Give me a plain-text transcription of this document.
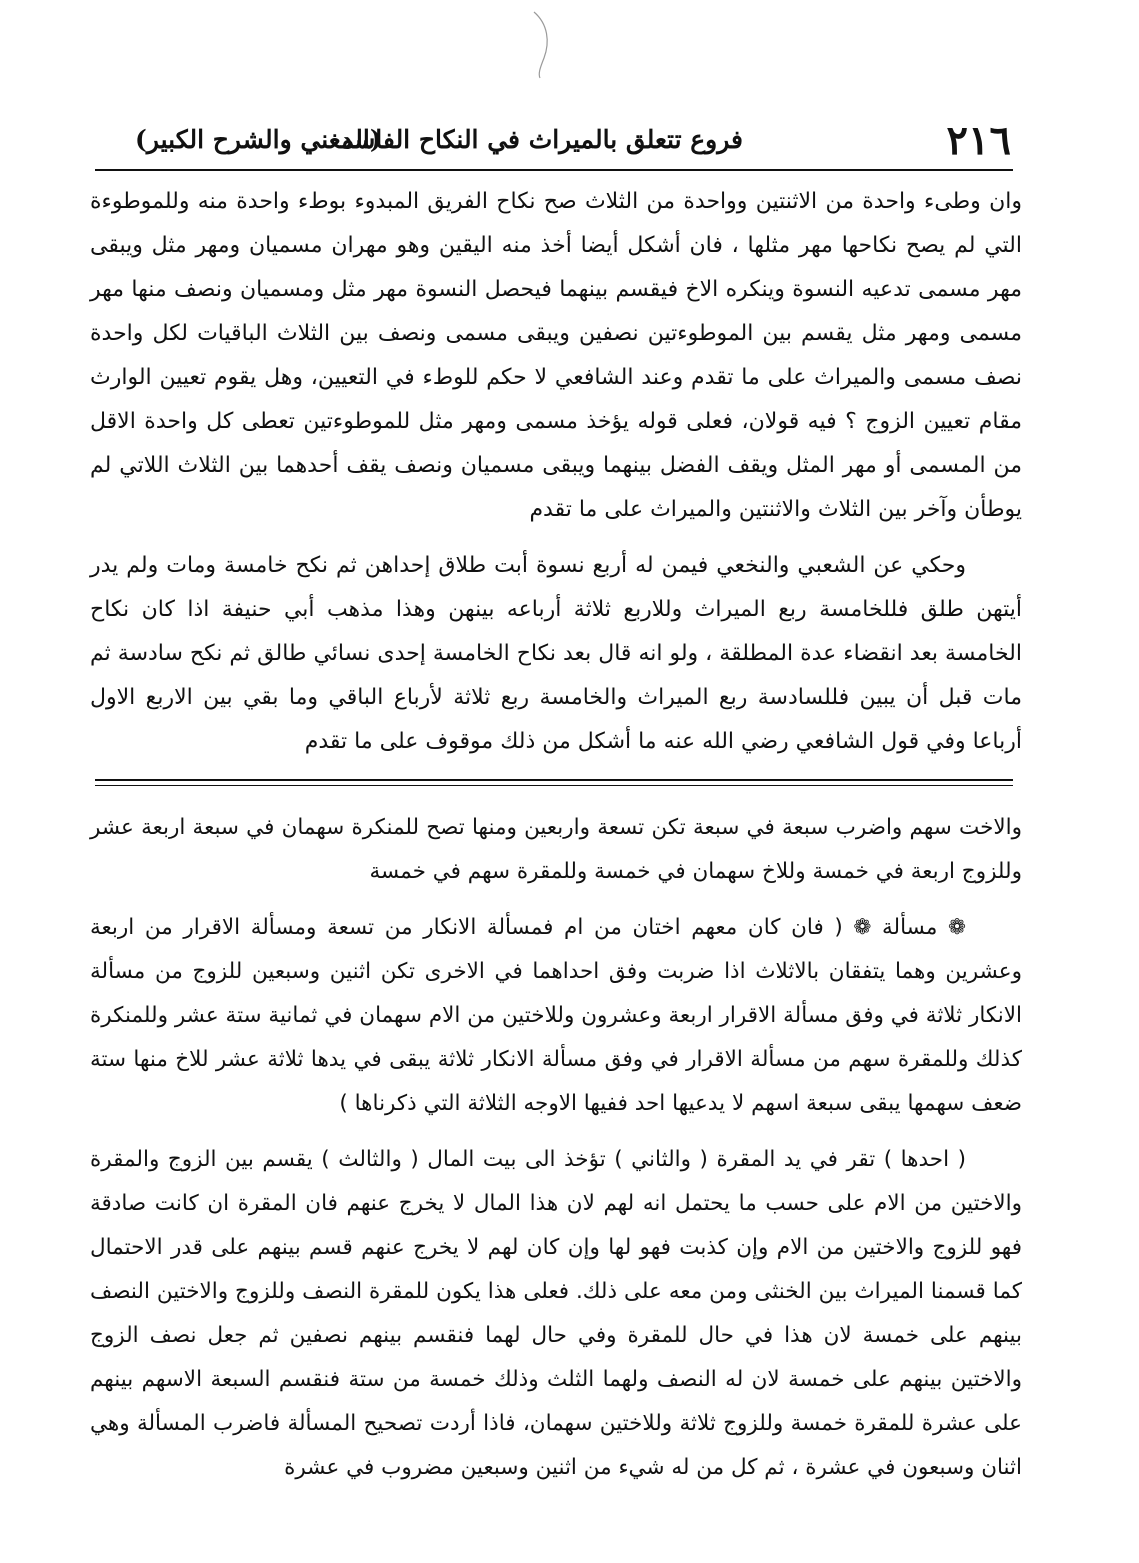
٢١٦
فروع تتعلق بالميراث في النكاح الفاسد
(المغني والشرح الكبير)

وان وطىء واحدة من الاثنتين وواحدة من الثلاث صح نكاح الفريق المبدوء بوطء واحدة منه وللموطوءة التي لم يصح نكاحها مهر مثلها ، فان أشكل أيضا أخذ منه اليقين وهو مهران مسميان ومهر مثل ويبقى مهر مسمى تدعيه النسوة وينكره الاخ فيقسم بينهما فيحصل النسوة مهر مثل ومسميان ونصف منها مهر مسمى ومهر مثل يقسم بين الموطوءتين نصفين ويبقى مسمى ونصف بين الثلاث الباقيات لكل واحدة نصف مسمى والميراث على ما تقدم وعند الشافعي لا حكم للوطء في التعيين، وهل يقوم تعيين الوارث مقام تعيين الزوج ؟ فيه قولان، فعلى قوله يؤخذ مسمى ومهر مثل للموطوءتين تعطى كل واحدة الاقل من المسمى أو مهر المثل ويقف الفضل بينهما ويبقى مسميان ونصف يقف أحدهما بين الثلاث اللاتي لم يوطأن وآخر بين الثلاث والاثنتين والميراث على ما تقدم

وحكي عن الشعبي والنخعي فيمن له أربع نسوة أبت طلاق إحداهن ثم نكح خامسة ومات ولم يدر أيتهن طلق فللخامسة ربع الميراث وللاربع ثلاثة أرباعه بينهن وهذا مذهب أبي حنيفة اذا كان نكاح الخامسة بعد انقضاء عدة المطلقة ، ولو انه قال بعد نكاح الخامسة إحدى نسائي طالق ثم نكح سادسة ثم مات قبل أن يبين فللسادسة ربع الميراث والخامسة ربع ثلاثة لأرباع الباقي وما بقي بين الاربع الاول أرباعا وفي قول الشافعي رضي الله عنه ما أشكل من ذلك موقوف على ما تقدم

والاخت سهم واضرب سبعة في سبعة تكن تسعة واربعين ومنها تصح للمنكرة سهمان في سبعة اربعة عشر وللزوج اربعة في خمسة وللاخ سهمان في خمسة وللمقرة سهم في خمسة

❁ مسألة ❁ ( فان كان معهم اختان من ام فمسألة الانكار من تسعة ومسألة الاقرار من اربعة وعشرين وهما يتفقان بالاثلاث اذا ضربت وفق احداهما في الاخرى تكن اثنين وسبعين للزوج من مسألة الانكار ثلاثة في وفق مسألة الاقرار اربعة وعشرون وللاختين من الام سهمان في ثمانية ستة عشر وللمنكرة كذلك وللمقرة سهم من مسألة الاقرار في وفق مسألة الانكار ثلاثة يبقى في يدها ثلاثة عشر للاخ منها ستة ضعف سهمها يبقى سبعة اسهم لا يدعيها احد ففيها الاوجه الثلاثة التي ذكرناها )

( احدها ) تقر في يد المقرة ( والثاني ) تؤخذ الى بيت المال ( والثالث ) يقسم بين الزوج والمقرة والاختين من الام على حسب ما يحتمل انه لهم لان هذا المال لا يخرج عنهم فان المقرة ان كانت صادقة فهو للزوج والاختين من الام وإن كذبت فهو لها وإن كان لهم لا يخرج عنهم قسم بينهم على قدر الاحتمال كما قسمنا الميراث بين الخنثى ومن معه على ذلك. فعلى هذا يكون للمقرة النصف وللزوج والاختين النصف بينهم على خمسة لان هذا في حال للمقرة وفي حال لهما فنقسم بينهم نصفين ثم جعل نصف الزوج والاختين بينهم على خمسة لان له النصف ولهما الثلث وذلك خمسة من ستة فنقسم السبعة الاسهم بينهم على عشرة للمقرة خمسة وللزوج ثلاثة وللاختين سهمان، فاذا أردت تصحيح المسألة فاضرب المسألة وهي اثنان وسبعون في عشرة ، ثم كل من له شيء من اثنين وسبعين مضروب في عشرة
